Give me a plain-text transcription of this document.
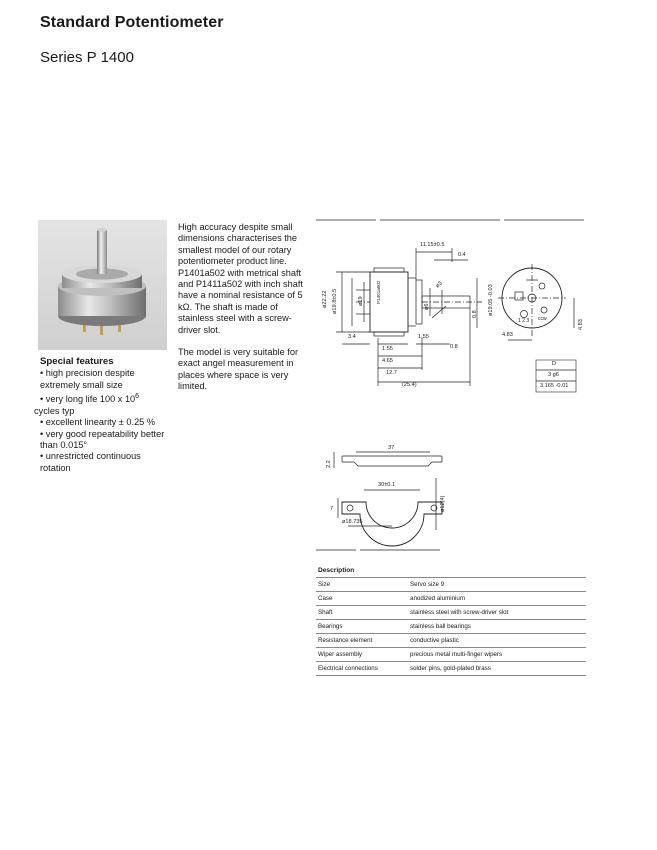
Standard Potentiometer
Series P 1400
Special features
• high precision despite extremely small size
• very long life 100 x $10^6$
cycles typ
• excellent linearity ± 0.25 %
• very good repeatability better than 0.015°
• unrestricted continuous rotation

High accuracy despite small dimensions characterises the smallest model of our rotary potentiometer product line. P1401a502 with metrical shaft and P1411a502 with inch shaft have a nominal resistance of 5 kΩ. The shaft is made of stainless steel with a screw-driver slot.

The model is very suitable for exact angel measurement in places where space is very limited.

11.15±0.5
0.4
ø22.22 ø19.8±0.5	ø19
ø6
ø3	ø19.05 -0.03
0.8
P1401a502
3.4
1.55
1.55
0.8
4.65
12.7
(25.4)
4.83
4.83
1 2 3 ccw
D
3 g6
3.165 -0.01
37
2.2
30±0.1
ø12(4)
7
ø18.735
Description
Size	Servo size 9
Case	anodized aluminium
Shaft	stainless steel with screw-driver slot
Bearings	stainless ball bearings
Resistance element	conductive plastic
Wiper assembly	precious metal multi-finger wipers
Electrical connections	solder pins, gold-plated brass
